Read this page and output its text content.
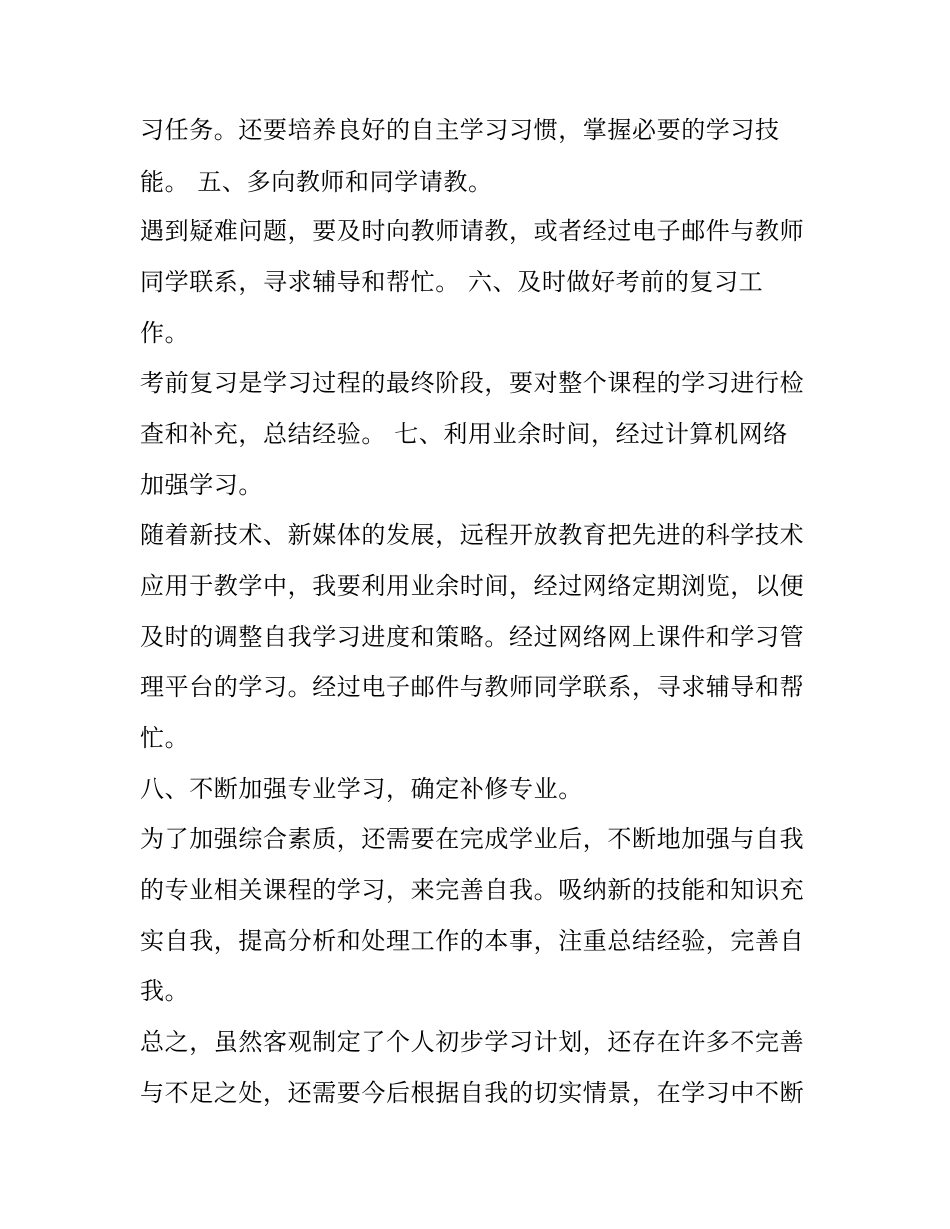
习任务。还要培养良好的自主学习习惯，掌握必要的学习技
能。 五、多向教师和同学请教。
遇到疑难问题，要及时向教师请教，或者经过电子邮件与教师
同学联系，寻求辅导和帮忙。 六、及时做好考前的复习工
作。
考前复习是学习过程的最终阶段，要对整个课程的学习进行检
查和补充，总结经验。 七、利用业余时间，经过计算机网络
加强学习。
随着新技术、新媒体的发展，远程开放教育把先进的科学技术
应用于教学中，我要利用业余时间，经过网络定期浏览，以便
及时的调整自我学习进度和策略。经过网络网上课件和学习管
理平台的学习。经过电子邮件与教师同学联系，寻求辅导和帮
忙。
八、不断加强专业学习，确定补修专业。
为了加强综合素质，还需要在完成学业后，不断地加强与自我
的专业相关课程的学习，来完善自我。吸纳新的技能和知识充
实自我，提高分析和处理工作的本事，注重总结经验，完善自
我。
总之，虽然客观制定了个人初步学习计划，还存在许多不完善
与不足之处，还需要今后根据自我的切实情景，在学习中不断
